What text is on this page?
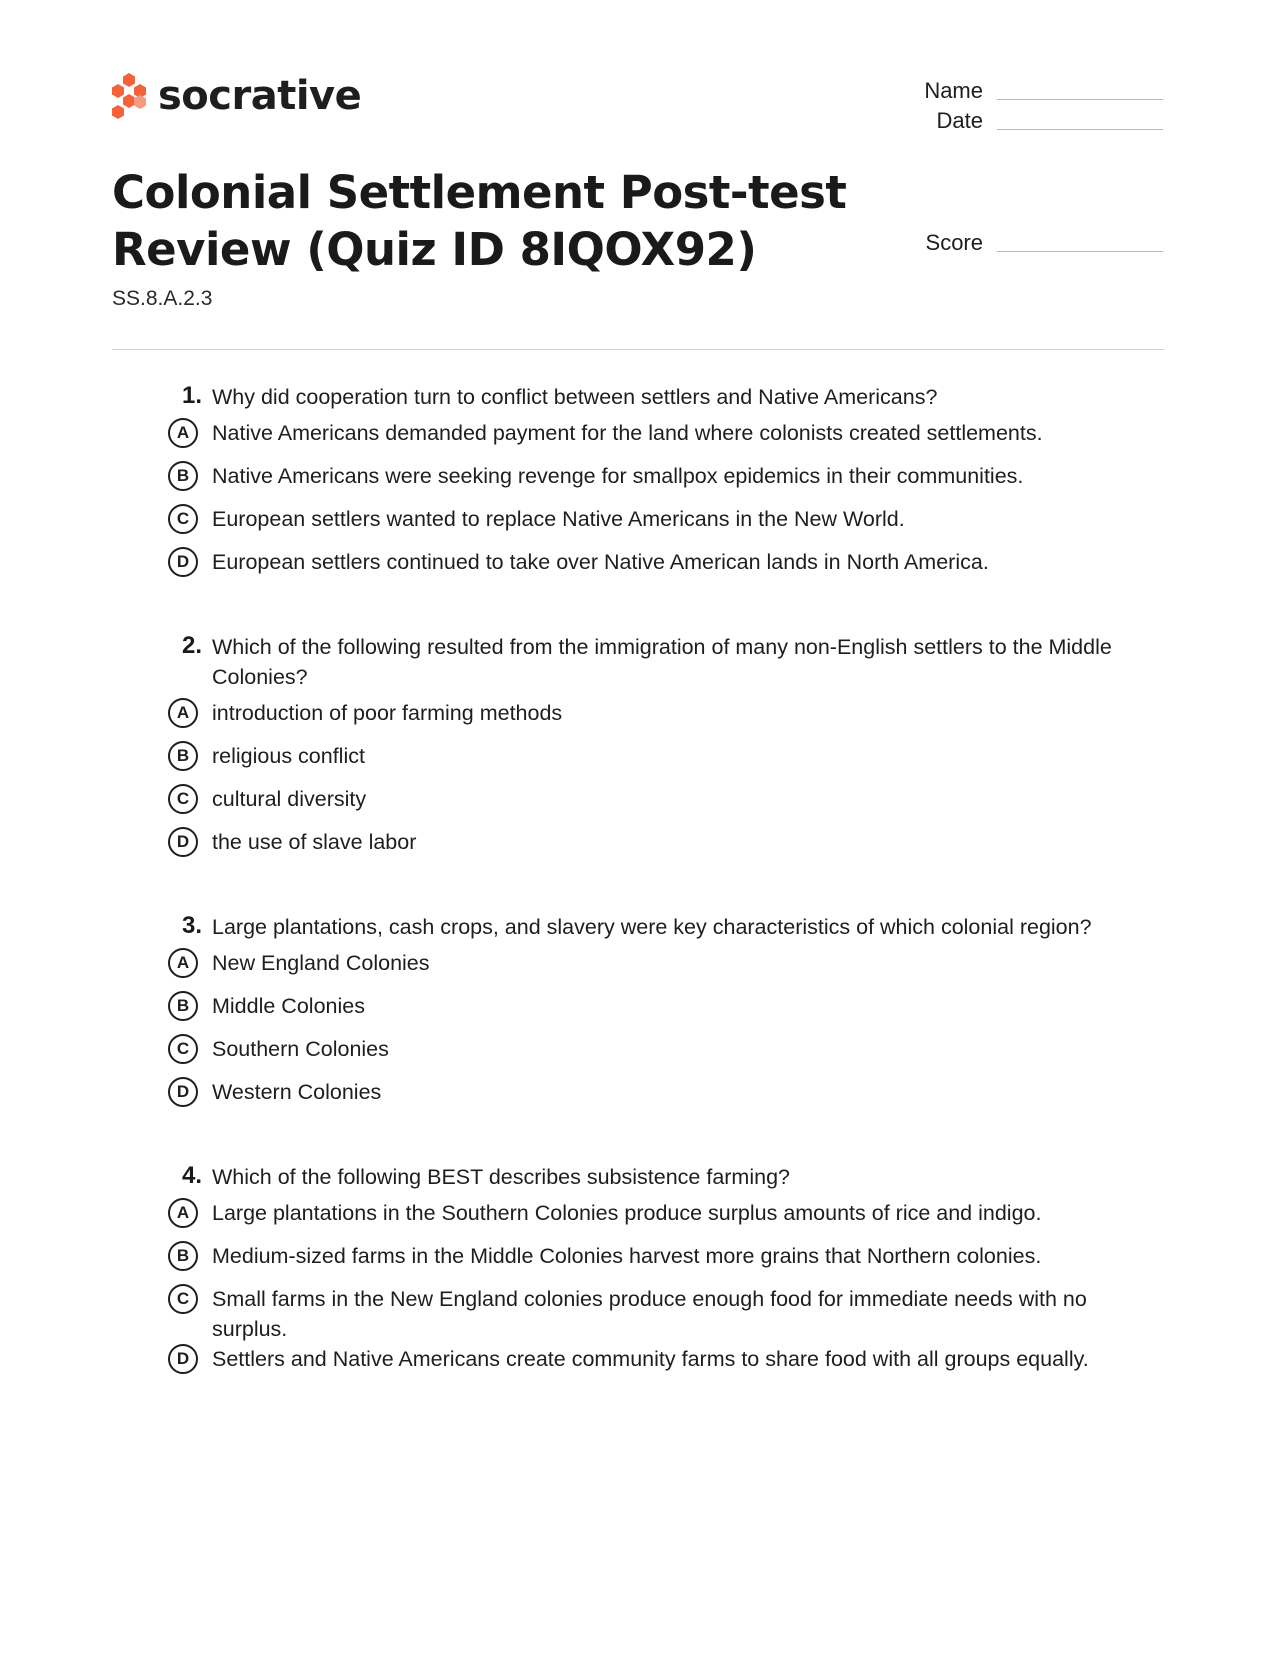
socrative	Name
Date
Colonial Settlement Post-test
Review (Quiz ID 8IQOX92)	Score
SS.8.A.2.3
1. Why did cooperation turn to conflict between settlers and Native Americans?
A	Native Americans demanded payment for the land where colonists created settlements.
B	Native Americans were seeking revenge for smallpox epidemics in their communities.
C	European settlers wanted to replace Native Americans in the New World.
D	European settlers continued to take over Native American lands in North America.
2. Which of the following resulted from the immigration of many non-English settlers to the Middle Colonies?
A	introduction of poor farming methods
B	religious conflict
C	cultural diversity
D	the use of slave labor
3. Large plantations, cash crops, and slavery were key characteristics of which colonial region?
A	New England Colonies
B	Middle Colonies
C	Southern Colonies
D	Western Colonies
4. Which of the following BEST describes subsistence farming?
A	Large plantations in the Southern Colonies produce surplus amounts of rice and indigo.
B	Medium-sized farms in the Middle Colonies harvest more grains that Northern colonies.
C	Small farms in the New England colonies produce enough food for immediate needs with no surplus.
D	Settlers and Native Americans create community farms to share food with all groups equally.
